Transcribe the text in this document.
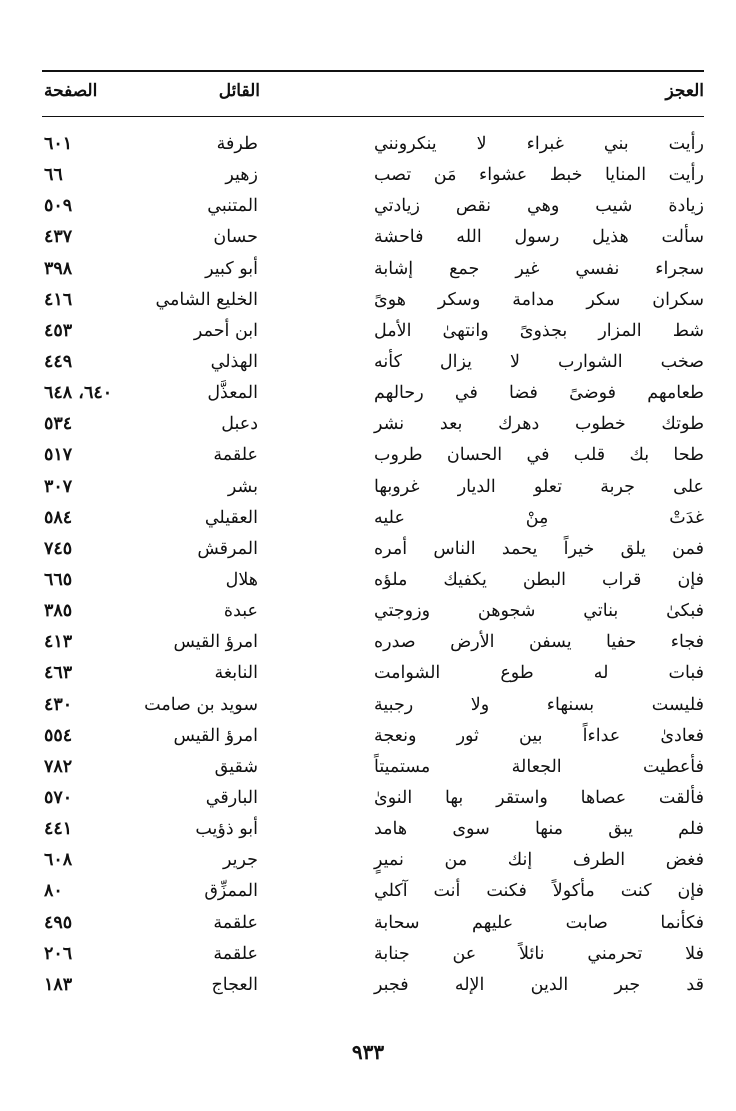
العجز
القائل
الصفحة
رأيت بني غبراء لا ينكرونني
طرفة
٦٠١
رأيت المنايا خبط عشواء مَن تصب
زهير
٦٦
زيادة شيب وهي نقص زيادتي
المتنبي
٥٠٩
سألت هذيل رسول الله فاحشة
حسان
٤٣٧
سجراء نفسي غير جمع إشابة
أبو كبير
٣٩٨
سكران سكر مدامة وسكر هوىً
الخليع الشامي
٤١٦
شط المزار بجذوىً وانتهىٰ الأمل
ابن أحمر
٤٥٣
صخب الشوارب لا يزال كأنه
الهذلي
٤٤٩
طعامهم فوضىً فضا في رحالهم
المعذَّل
٦٤٠، ٦٤٨
طوتك خطوب دهرك بعد نشر
دعبل
٥٣٤
طحا بك قلب في الحسان طروب
علقمة
٥١٧
على جربة تعلو الديار غروبها
بشر
٣٠٧
غدَتْ مِنْ عليه
العقيلي
٥٨٤
فمن يلق خيراً يحمد الناس أمره
المرقش
٧٤٥
فإن قراب البطن يكفيك ملؤه
هلال
٦٦٥
فبكىٰ بناتي شجوهن وزوجتي
عبدة
٣٨٥
فجاء حفيا يسفن الأرض صدره
امرؤ القيس
٤١٣
فبات له طوع الشوامت
النابغة
٤٦٣
فليست بسنهاء ولا رجبية
سويد بن صامت
٤٣٠
فعادىٰ عداءاً بين ثور ونعجة
امرؤ القيس
٥٥٤
فأعطيت الجعالة مستميتاً
شقيق
٧٨٢
فألقت عصاها واستقر بها النوىٰ
البارقي
٥٧٠
فلم يبق منها سوى هامد
أبو ذؤيب
٤٤١
فغض الطرف إنك من نميرٍ
جرير
٦٠٨
فإن كنت مأكولاً فكنت أنت آكلي
الممزِّق
٨٠
فكأنما صابت عليهم سحابة
علقمة
٤٩٥
فلا تحرمني نائلاً عن جنابة
علقمة
٢٠٦
قد جبر الدين الإله فجبر
العجاج
١٨٣
٩٣٣
